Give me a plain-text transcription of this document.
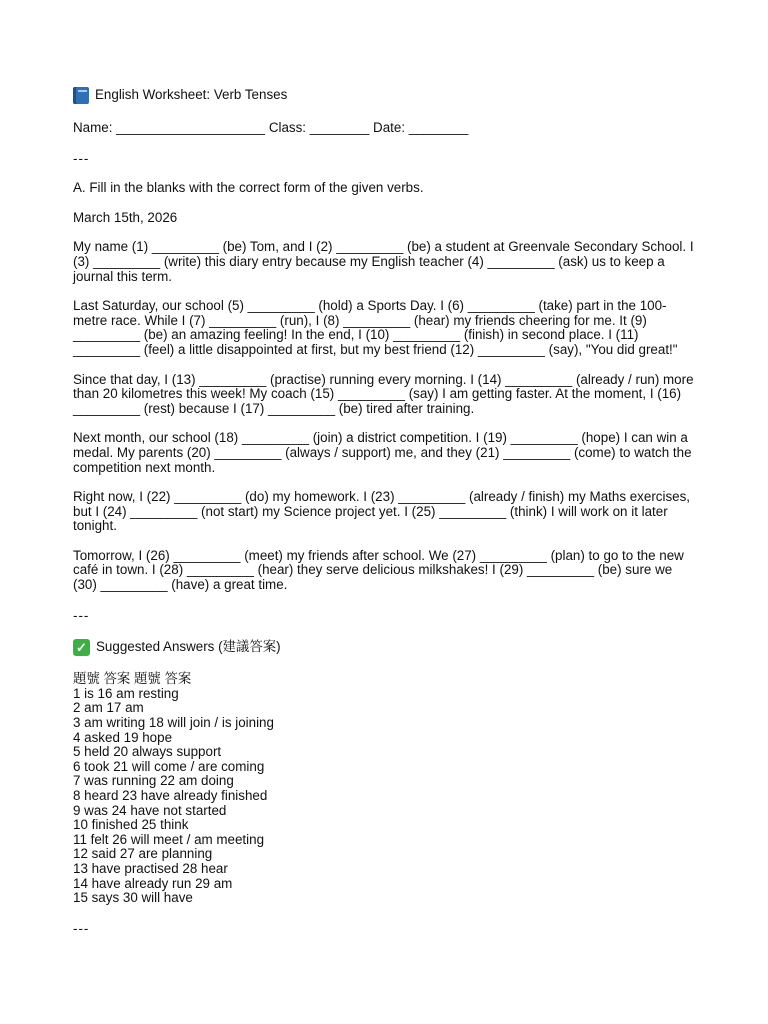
English Worksheet: Verb Tenses
Name: ____________________ Class: ________ Date: ________
---
A. Fill in the blanks with the correct form of the given verbs.
March 15th, 2026
My name (1) _________ (be) Tom, and I (2) _________ (be) a student at Greenvale Secondary School. I (3) _________ (write) this diary entry because my English teacher (4) _________ (ask) us to keep a journal this term.
Last Saturday, our school (5) _________ (hold) a Sports Day. I (6) _________ (take) part in the 100-metre race. While I (7) _________ (run), I (8) _________ (hear) my friends cheering for me. It (9) _________ (be) an amazing feeling! In the end, I (10) _________ (finish) in second place. I (11) _________ (feel) a little disappointed at first, but my best friend (12) _________ (say), "You did great!"
Since that day, I (13) _________ (practise) running every morning. I (14) _________ (already / run) more than 20 kilometres this week! My coach (15) _________ (say) I am getting faster. At the moment, I (16) _________ (rest) because I (17) _________ (be) tired after training.
Next month, our school (18) _________ (join) a district competition. I (19) _________ (hope) I can win a medal. My parents (20) _________ (always / support) me, and they (21) _________ (come) to watch the competition next month.
Right now, I (22) _________ (do) my homework. I (23) _________ (already / finish) my Maths exercises, but I (24) _________ (not start) my Science project yet. I (25) _________ (think) I will work on it later tonight.
Tomorrow, I (26) _________ (meet) my friends after school. We (27) _________ (plan) to go to the new café in town. I (28) _________ (hear) they serve delicious milkshakes! I (29) _________ (be) sure we (30) _________ (have) a great time.
---
✓ Suggested Answers (建議答案)
題號 答案 題號 答案
1 is 16 am resting
2 am 17 am
3 am writing 18 will join / is joining
4 asked 19 hope
5 held 20 always support
6 took 21 will come / are coming
7 was running 22 am doing
8 heard 23 have already finished
9 was 24 have not started
10 finished 25 think
11 felt 26 will meet / am meeting
12 said 27 are planning
13 have practised 28 hear
14 have already run 29 am
15 says 30 will have
---
